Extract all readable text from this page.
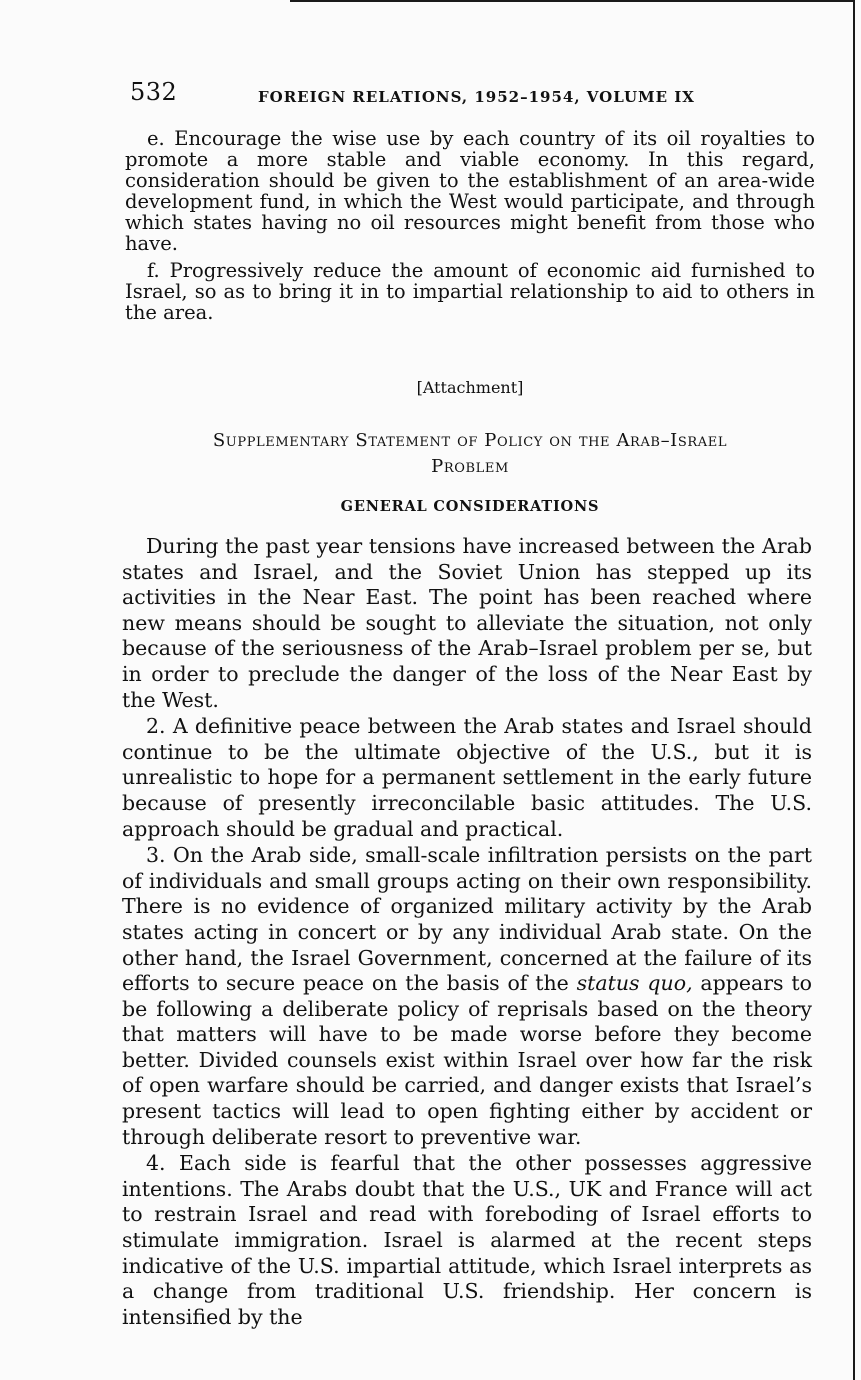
532	FOREIGN RELATIONS, 1952–1954, VOLUME IX

e. Encourage the wise use by each country of its oil royalties to promote a more stable and viable economy. In this regard, consideration should be given to the establishment of an area-wide development fund, in which the West would participate, and through which states having no oil resources might benefit from those who have.

f. Progressively reduce the amount of economic aid furnished to Israel, so as to bring it in to impartial relationship to aid to others in the area.

[Attachment]
Supplementary Statement of Policy on the Arab–Israel
Problem
GENERAL CONSIDERATIONS

During the past year tensions have increased between the Arab states and Israel, and the Soviet Union has stepped up its activities in the Near East. The point has been reached where new means should be sought to alleviate the situation, not only because of the seriousness of the Arab–Israel problem per se, but in order to preclude the danger of the loss of the Near East by the West.

2. A definitive peace between the Arab states and Israel should continue to be the ultimate objective of the U.S., but it is unrealistic to hope for a permanent settlement in the early future because of presently irreconcilable basic attitudes. The U.S. approach should be gradual and practical.

3. On the Arab side, small-scale infiltration persists on the part of individuals and small groups acting on their own responsibility. There is no evidence of organized military activity by the Arab states acting in concert or by any individual Arab state. On the other hand, the Israel Government, concerned at the failure of its efforts to secure peace on the basis of the status quo, appears to be following a deliberate policy of reprisals based on the theory that matters will have to be made worse before they become better. Divided counsels exist within Israel over how far the risk of open warfare should be carried, and danger exists that Israel’s present tactics will lead to open fighting either by accident or through deliberate resort to preventive war.

4. Each side is fearful that the other possesses aggressive intentions. The Arabs doubt that the U.S., UK and France will act to restrain Israel and read with foreboding of Israel efforts to stimulate immigration. Israel is alarmed at the recent steps indicative of the U.S. impartial attitude, which Israel interprets as a change from traditional U.S. friendship. Her concern is intensified by the
